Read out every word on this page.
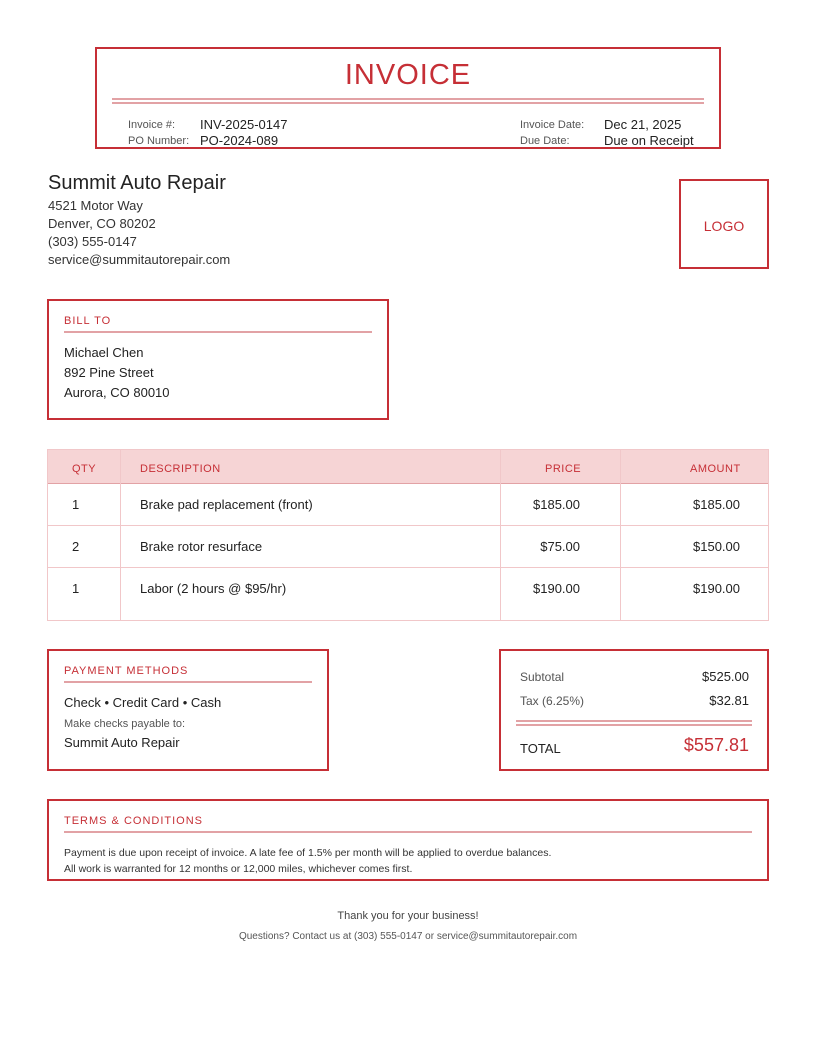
INVOICE
Invoice #: INV-2025-0147
PO Number: PO-2024-089
Invoice Date: Dec 21, 2025
Due Date:	Due on Receipt
Summit Auto Repair
4521 Motor Way
Denver, CO 80202
(303) 555-0147
service@summitautorepair.com
LOGO
BILL TO
Michael Chen
892 Pine Street
Aurora, CO 80010
QTY	DESCRIPTION	PRICE	AMOUNT
1	Brake pad replacement (front)	$185.00	$185.00
2	Brake rotor resurface	$75.00	$150.00
1	Labor (2 hours @ $95/hr)	$190.00	$190.00
PAYMENT METHODS
Check • Credit Card • Cash
Make checks payable to:
Summit Auto Repair
Subtotal	$525.00
Tax (6.25%)	$32.81
TOTAL	$557.81
TERMS & CONDITIONS
Payment is due upon receipt of invoice. A late fee of 1.5% per month will be applied to overdue balances.
All work is warranted for 12 months or 12,000 miles, whichever comes first.
Thank you for your business!
Questions? Contact us at (303) 555-0147 or service@summitautorepair.com
